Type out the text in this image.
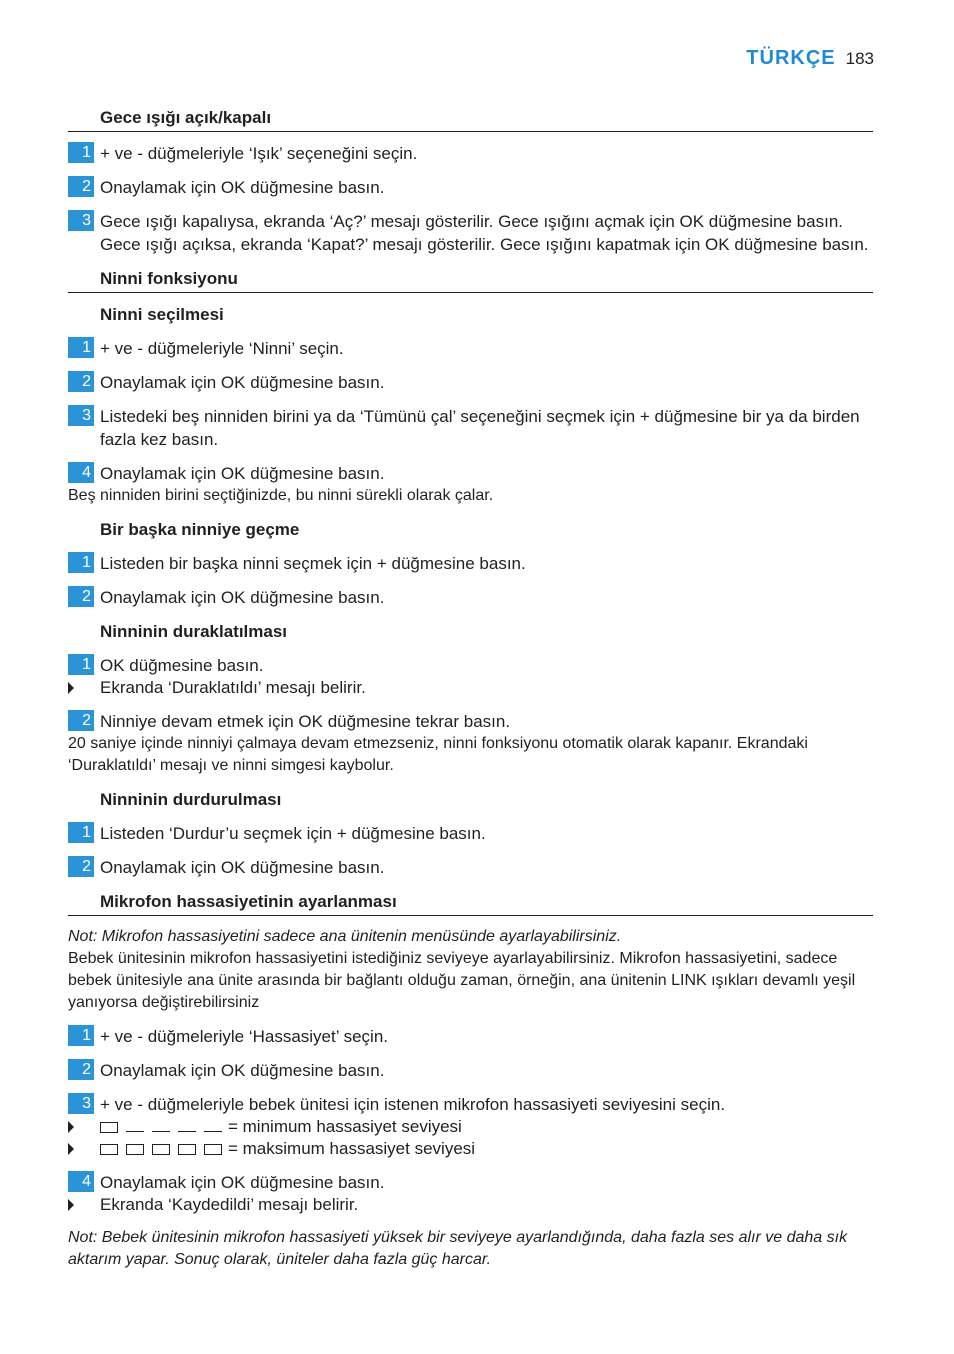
TÜRKÇE 183
Gece ışığı açık/kapalı
1 + ve - düğmeleriyle ‘Işık’ seçeneğini seçin.
2 Onaylamak için OK düğmesine basın.
3 Gece ışığı kapalıysa, ekranda ‘Aç?’ mesajı gösterilir. Gece ışığını açmak için OK düğmesine basın. Gece ışığı açıksa, ekranda ‘Kapat?’ mesajı gösterilir. Gece ışığını kapatmak için OK düğmesine basın.
Ninni fonksiyonu
Ninni seçilmesi
1 + ve - düğmeleriyle ‘Ninni’ seçin.
2 Onaylamak için OK düğmesine basın.
3 Listedeki beş ninniden birini ya da ‘Tümünü çal’ seçeneğini seçmek için + düğmesine bir ya da birden fazla kez basın.
4 Onaylamak için OK düğmesine basın.
Beş ninniden birini seçtiğinizde, bu ninni sürekli olarak çalar.
Bir başka ninniye geçme
1 Listeden bir başka ninni seçmek için + düğmesine basın.
2 Onaylamak için OK düğmesine basın.
Ninninin duraklatılması
1 OK düğmesine basın.
Ekranda ‘Duraklatıldı’ mesajı belirir.
2 Ninniye devam etmek için OK düğmesine tekrar basın.
20 saniye içinde ninniyi çalmaya devam etmezseniz, ninni fonksiyonu otomatik olarak kapanır. Ekrandaki ‘Duraklatıldı’ mesajı ve ninni simgesi kaybolur.
Ninninin durdurulması
1 Listeden ‘Durdur’u seçmek için + düğmesine basın.
2 Onaylamak için OK düğmesine basın.
Mikrofon hassasiyetinin ayarlanması
Not: Mikrofon hassasiyetini sadece ana ünitenin menüsünde ayarlayabilirsiniz.
Bebek ünitesinin mikrofon hassasiyetini istediğiniz seviyeye ayarlayabilirsiniz. Mikrofon hassasiyetini, sadece bebek ünitesiyle ana ünite arasında bir bağlantı olduğu zaman, örneğin, ana ünitenin LINK ışıkları devamlı yeşil yanıyorsa değiştirebilirsiniz
1 + ve - düğmeleriyle ‘Hassasiyet’ seçin.
2 Onaylamak için OK düğmesine basın.
3 + ve - düğmeleriyle bebek ünitesi için istenen mikrofon hassasiyeti seviyesini seçin.
= minimum hassasiyet seviyesi
= maksimum hassasiyet seviyesi
4 Onaylamak için OK düğmesine basın.
Ekranda ‘Kaydedildi’ mesajı belirir.
Not: Bebek ünitesinin mikrofon hassasiyeti yüksek bir seviyeye ayarlandığında, daha fazla ses alır ve daha sık aktarım yapar. Sonuç olarak, üniteler daha fazla güç harcar.
